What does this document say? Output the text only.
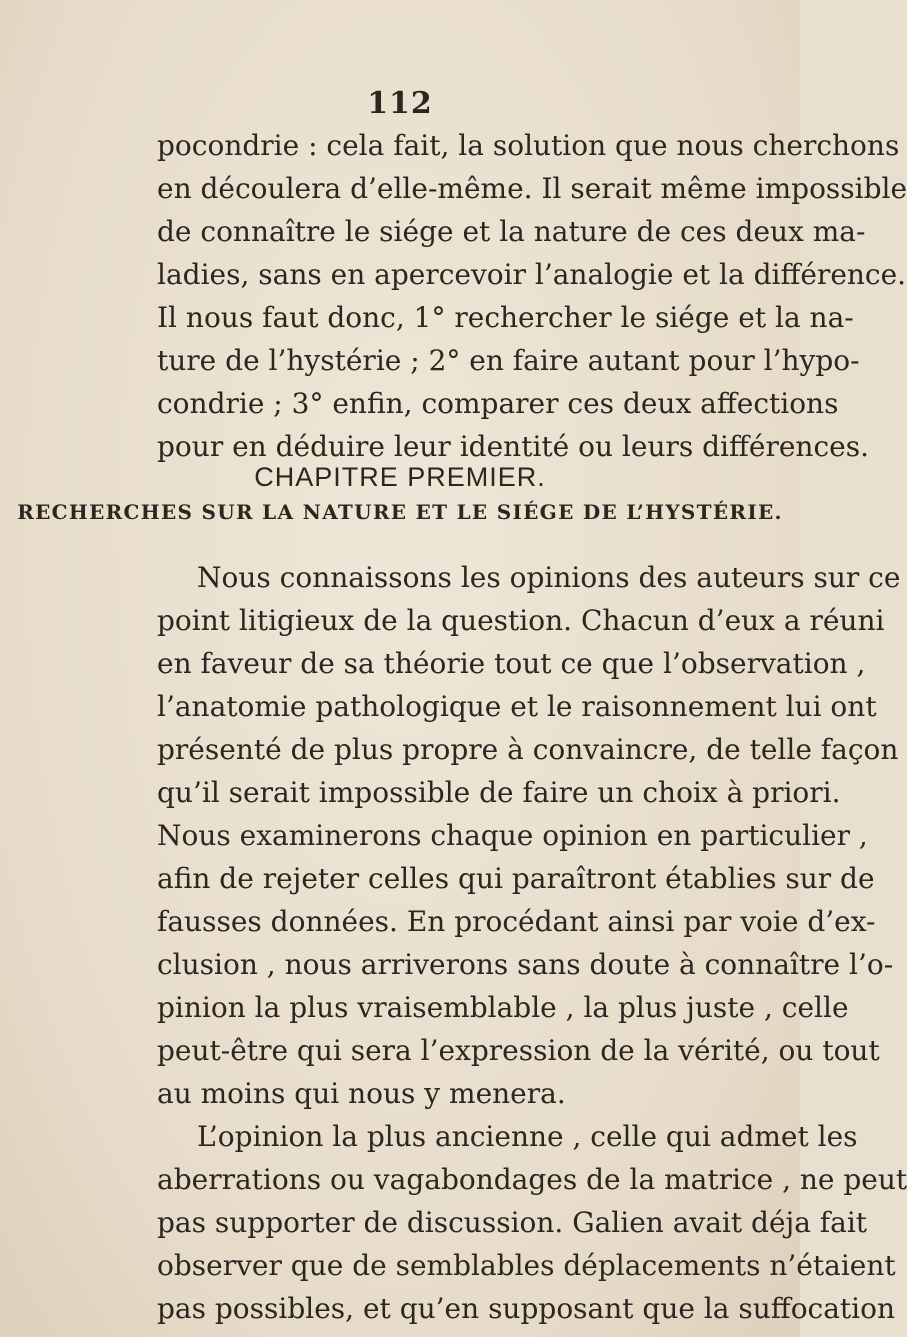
112
pocondrie : cela fait, la solution que nous cherchons
en découlera d’elle-même. Il serait même impossible
de connaître le siége et la nature de ces deux ma-
ladies, sans en apercevoir l’analogie et la différence.
Il nous faut donc, 1° rechercher le siége et la na-
ture de l’hystérie ; 2° en faire autant pour l’hypo-
condrie ; 3° enfin, comparer ces deux affections
pour en déduire leur identité ou leurs différences.
CHAPITRE PREMIER.
RECHERCHES SUR LA NATURE ET LE SIÉGE DE L’HYSTÉRIE.
Nous connaissons les opinions des auteurs sur ce
point litigieux de la question. Chacun d’eux a réuni
en faveur de sa théorie tout ce que l’observation ,
l’anatomie pathologique et le raisonnement lui ont
présenté de plus propre à convaincre, de telle façon
qu’il serait impossible de faire un choix à priori.
Nous examinerons chaque opinion en particulier ,
afin de rejeter celles qui paraîtront établies sur de
fausses données. En procédant ainsi par voie d’ex-
clusion , nous arriverons sans doute à connaître l’o-
pinion la plus vraisemblable , la plus juste , celle
peut-être qui sera l’expression de la vérité, ou tout
au moins qui nous y menera.
L’opinion la plus ancienne , celle qui admet les
aberrations ou vagabondages de la matrice , ne peut
pas supporter de discussion. Galien avait déja fait
observer que de semblables déplacements n’étaient
pas possibles, et qu’en supposant que la suffocation
